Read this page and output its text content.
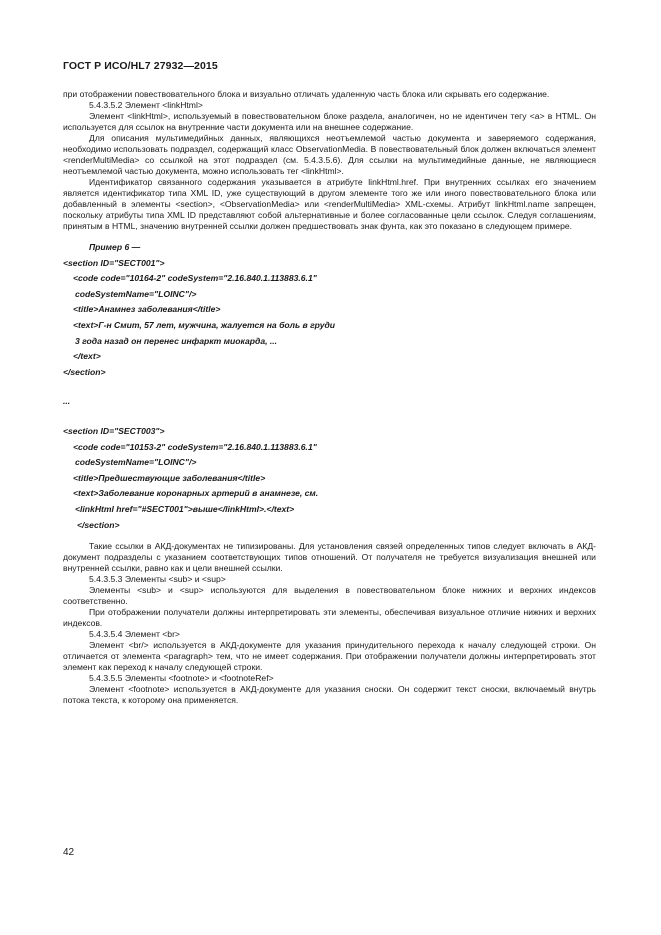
ГОСТ Р ИСО/HL7 27932—2015

при отображении повествовательного блока и визуально отличать удаленную часть блока или скрывать его содержание.

5.4.3.5.2 Элемент <linkHtml>

Элемент <linkHtml>, используемый в повествовательном блоке раздела, аналогичен, но не идентичен тегу <a> в HTML. Он используется для ссылок на внутренние части документа или на внешнее содержание.

Для описания мультимедийных данных, являющихся неотъемлемой частью документа и заверяемого содержания, необходимо использовать подраздел, содержащий класс ObservationMedia. В повествовательный блок должен включаться элемент <renderMultiMedia> со ссылкой на этот подраздел (см. 5.4.3.5.6). Для ссылки на мультимедийные данные, не являющиеся неотъемлемой частью документа, можно использовать тег <linkHtml>.

Идентификатор связанного содержания указывается в атрибуте linkHtml.href. При внутренних ссылках его значением является идентификатор типа XML ID, уже существующий в другом элементе того же или иного повествовательного блока или добавленный в элементы <section>, <ObservationMedia> или <renderMultiMedia> XML-схемы. Атрибут linkHtml.name запрещен, поскольку атрибуты типа XML ID представляют собой альтернативные и более согласованные цели ссылок. Следуя соглашениям, принятым в HTML, значению внутренней ссылки должен предшествовать знак фунта, как это показано в следующем примере.

Пример 6 —
<section ID="SECT001">
<code code="10164-2" codeSystem="2.16.840.1.113883.6.1"
codeSystemName="LOINC"/>
<title>Анамнез заболевания</title>
<text>Г-н Смит, 57 лет, мужчина, жалуется на боль в груди
3 года назад он перенес инфаркт миокарда, ...
</text>
</section>
...
<section ID="SECT003">
<code code="10153-2" codeSystem="2.16.840.1.113883.6.1"
codeSystemName="LOINC"/>
<title>Предшествующие заболевания</title>
<text>Заболевание коронарных артерий в анамнезе, см.
<linkHtml href="#SECT001">выше</linkHtml>.</text>
</section>

Такие ссылки в АКД-документах не типизированы. Для установления связей определенных типов следует включать в АКД-документ подразделы с указанием соответствующих типов отношений. От получателя не требуется визуализация внешней или внутренней ссылки, равно как и цели внешней ссылки.

5.4.3.5.3 Элементы <sub> и <sup>

Элементы <sub> и <sup> используются для выделения в повествовательном блоке нижних и верхних индексов соответственно.

При отображении получатели должны интерпретировать эти элементы, обеспечивая визуальное отличие нижних и верхних индексов.

5.4.3.5.4 Элемент <br>

Элемент <br/> используется в АКД-документе для указания принудительного перехода к началу следующей строки. Он отличается от элемента <paragraph> тем, что не имеет содержания. При отображении получатели должны интерпретировать этот элемент как переход к началу следующей строки.

5.4.3.5.5 Элементы <footnote> и <footnoteRef>

Элемент <footnote> используется в АКД-документе для указания сноски. Он содержит текст сноски, включаемый внутрь потока текста, к которому она применяется.

42
